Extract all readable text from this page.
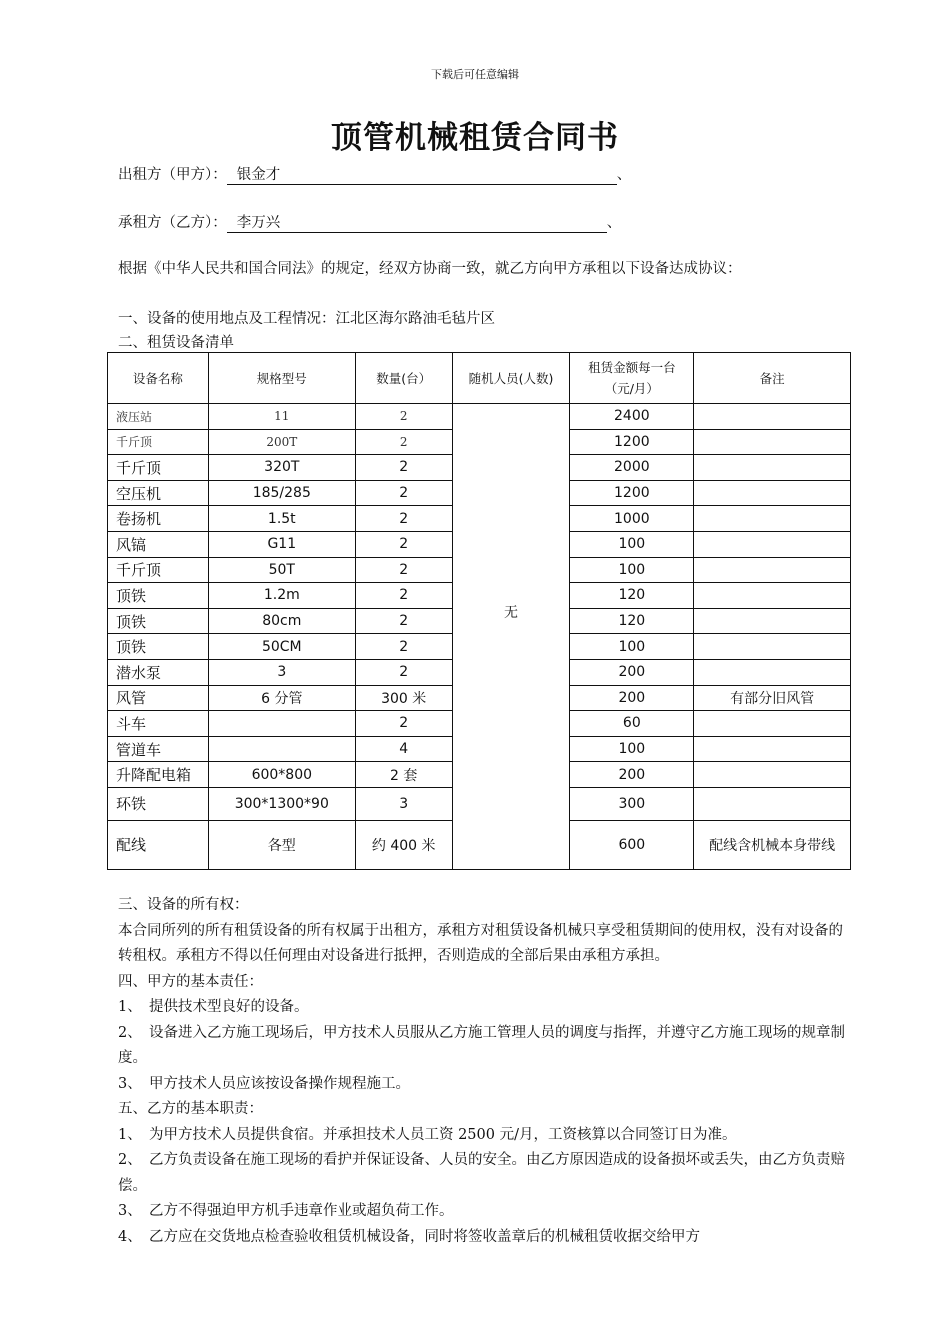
下载后可任意编辑
顶管机械租赁合同书
出租方（甲方）： 银金才	、
承租方（乙方）： 李万兴	、
根据《中华人民共和国合同法》的规定，经双方协商一致，就乙方向甲方承租以下设备达成协议：
一、设备的使用地点及工程情况：江北区海尔路油毛毡片区
二、租赁设备清单
设备名称	规格型号	数量(台）	随机人员(人数)	租赁金额每一台（元/月）	备注
液压站	11	2	无	2400	
千斤顶	200T	2		1200	
千斤顶	320T	2		2000	
空压机	185/285	2		1200	
卷扬机	1.5t	2		1000	
风镐	G11	2		100	
千斤顶	50T	2		100	
顶铁	1.2m	2		120	
顶铁	80cm	2		120	
顶铁	50CM	2		100	
潜水泵	3	2		200	
风管	6 分管	300 米		200	有部分旧风管
斗车		2		60	
管道车		4		100	
升降配电箱	600*800	2 套		200	
环铁	300*1300*90	3		300	
配线	各型	约 400 米		600	配线含机械本身带线
三、设备的所有权：
本合同所列的所有租赁设备的所有权属于出租方，承租方对租赁设备机械只享受租赁期间的使用权，没有对设备的转租权。承租方不得以任何理由对设备进行抵押，否则造成的全部后果由承租方承担。
四、甲方的基本责任：
1、　提供技术型良好的设备。
2、　设备进入乙方施工现场后，甲方技术人员服从乙方施工管理人员的调度与指挥，并遵守乙方施工现场的规章制度。
3、　甲方技术人员应该按设备操作规程施工。
五、乙方的基本职责：
1、　为甲方技术人员提供食宿。并承担技术人员工资 2500 元/月，工资核算以合同签订日为准。
2、　乙方负责设备在施工现场的看护并保证设备、人员的安全。由乙方原因造成的设备损坏或丢失，由乙方负责赔偿。
3、　乙方不得强迫甲方机手违章作业或超负荷工作。
4、　乙方应在交货地点检查验收租赁机械设备，同时将签收盖章后的机械租赁收据交给甲方
